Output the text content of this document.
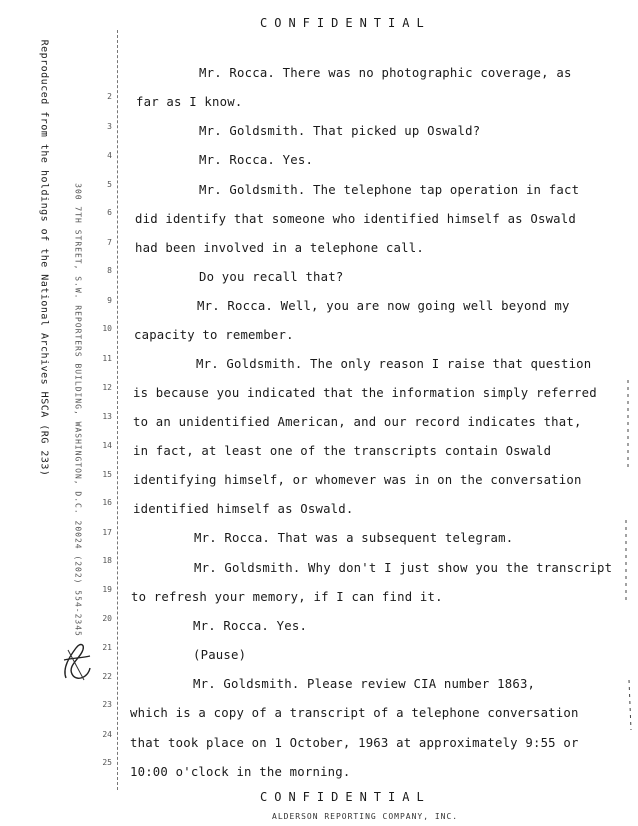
CONFIDENTIAL
Reproduced from the holdings of the National Archives HSCA (RG 233)	300 7TH STREET, S.W. REPORTERS BUILDING, WASHINGTON, D.C. 20024 (202) 554-2345
2
3
4
5
6
7
8
9
10
11
12
13
14
15
16
17
18
19
20
21
22
23
24
25
Mr. Rocca. There was no photographic coverage, as
far as I know.
Mr. Goldsmith. That picked up Oswald?
Mr. Rocca. Yes.
Mr. Goldsmith. The telephone tap operation in fact
did identify that someone who identified himself as Oswald
had been involved in a telephone call.
Do you recall that?
Mr. Rocca. Well, you are now going well beyond my
capacity to remember.
Mr. Goldsmith. The only reason I raise that question
is because you indicated that the information simply referred
to an unidentified American, and our record indicates that,
in fact, at least one of the transcripts contain Oswald
identifying himself, or whomever was in on the conversation
identified himself as Oswald.
Mr. Rocca. That was a subsequent telegram.
Mr. Goldsmith. Why don't I just show you the transcript
to refresh your memory, if I can find it.
Mr. Rocca. Yes.
(Pause)
Mr. Goldsmith. Please review CIA number 1863,
which is a copy of a transcript of a telephone conversation
that took place on 1 October, 1963 at approximately 9:55 or
10:00 o'clock in the morning.
CONFIDENTIAL
ALDERSON REPORTING COMPANY, INC.
